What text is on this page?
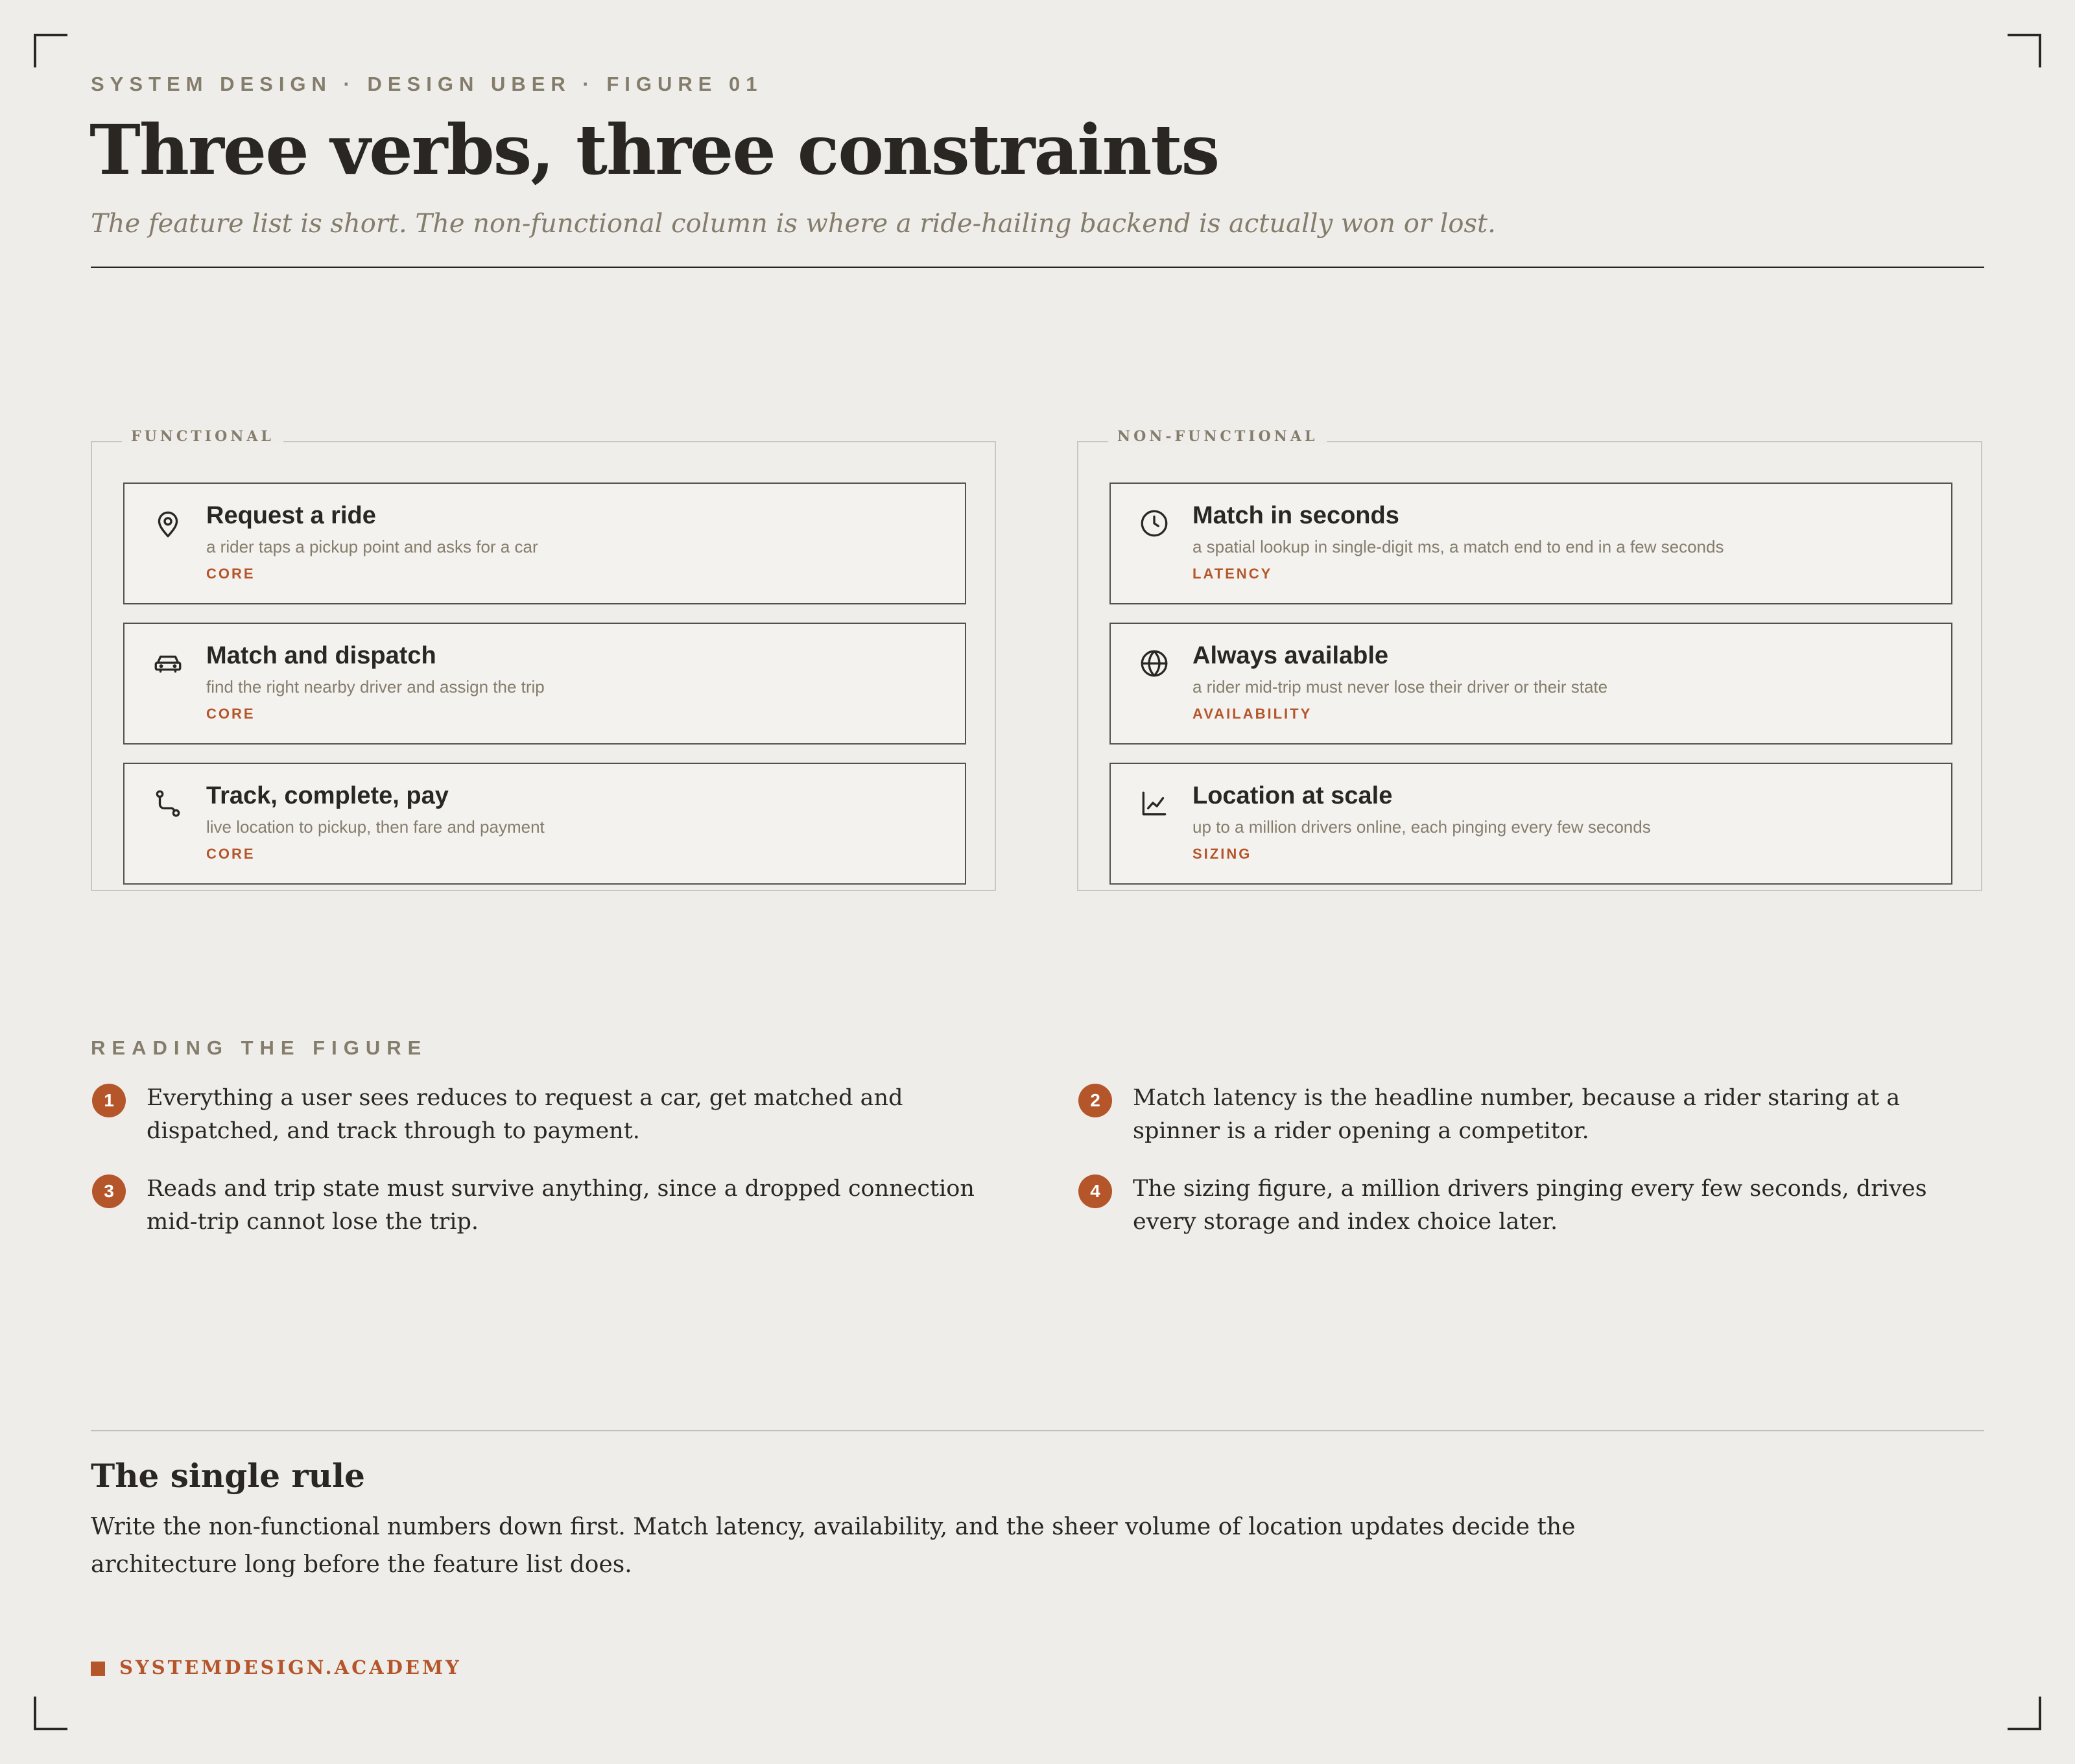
SYSTEM DESIGN · DESIGN UBER · FIGURE 01
Three verbs, three constraints

The feature list is short. The non-functional column is where a ride-hailing backend is actually won or lost.

FUNCTIONAL
Request a ride
a rider taps a pickup point and asks for a car
CORE
Match and dispatch
find the right nearby driver and assign the trip
CORE
Track, complete, pay
live location to pickup, then fare and payment
CORE
NON-FUNCTIONAL
Match in seconds
a spatial lookup in single-digit ms, a match end to end in a few seconds
LATENCY
Always available
a rider mid-trip must never lose their driver or their state
AVAILABILITY
Location at scale
up to a million drivers online, each pinging every few seconds
SIZING
READING THE FIGURE
1	Everything a user sees reduces to request a car, get matched and dispatched, and track through to payment.
2	Match latency is the headline number, because a rider staring at a spinner is a rider opening a competitor.
3	Reads and trip state must survive anything, since a dropped connection mid-trip cannot lose the trip.
4	The sizing figure, a million drivers pinging every few seconds, drives every storage and index choice later.
The single rule

Write the non-functional numbers down first. Match latency, availability, and the sheer volume of location updates decide the architecture long before the feature list does.

SYSTEMDESIGN.ACADEMY
